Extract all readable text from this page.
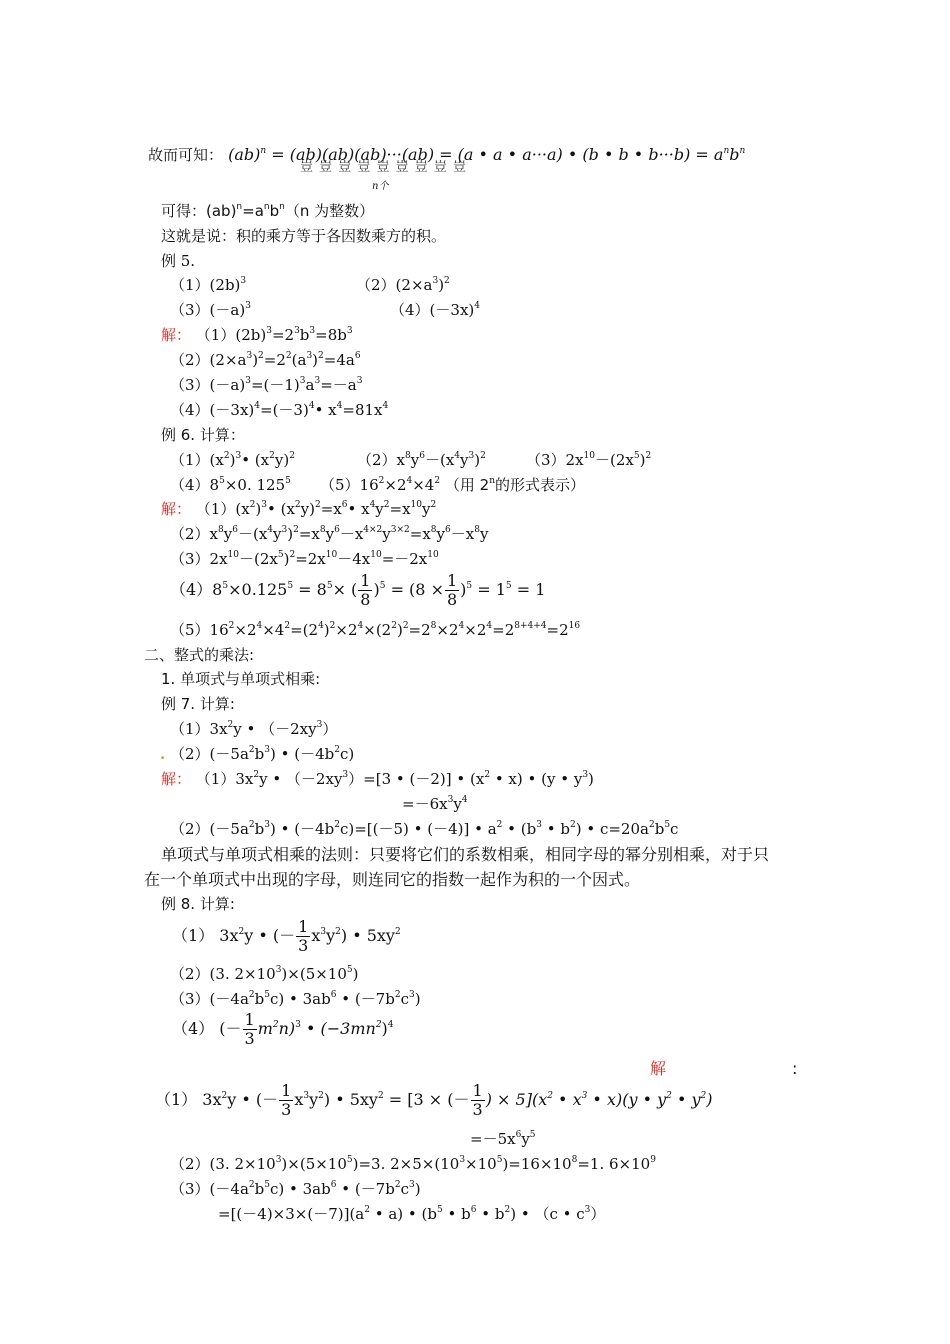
故而可知： (ab)$^n$ = (ab)(ab)(ab)···(ab) = (a • a • a···a) • (b • b • $b\cdot\cdot\cdot b) = a^nb^n$
豈 豈 豈 豈 豈 豈 豈 豈 豈
n个
可得：$(ab)^n=a^nb^n(n$ 为整数）
这就是说：积的乘方等于各因数乘方的积。
例 5.
$(1)(2b)^3$	$(2)(2\times a^3)^2$
$(3)(-a)^3$	$(4)(-3x)^4$
解： $(1)(2b)^3=2^3b^3=8b^3$
$(2)(2\times a^3)^2=2^2(a^3)^2=4a^6$
$(3)(-a)^3=(-1)^3a^3=-a^3$
$(4)(-3x)^4=(-3)^4•$ $x^4=81x^4$
例 6. 计算：
$(1)(x^2)^3•$ $(x^2y)^2$	$(2)x^8y^6-(x^4y^3)^2$	$(3)2x^{10}-(2x^5)^2$
$(4)8^5\times 0$. $125^5$ $(5)16^2\times 2^4\times 4^2$ （用 2$^n$的形式表示）
解： $(1)(x^2)^3•$ $(x^2y)^2=x^6•$ $x^4y^2=x^{10}y^2$
$(2)x^8y^6-(x^4y^3)^2=x^8y^6-x^{4\times 2}y^{3\times 2}=x^8y^6-x^8y$
$(3)2x^{10}-(2x^5)^2=2x^{10}-4x^{10}=-2x^{10}$
$(4)8^5\times 0.125^5 = 8^5\times$ ( $\frac{1}{8} )^5 = (8 \times \frac{1}{8} )^5 = 1^5 = 1$
$(5)16^2\times 2^4\times 4^2=(2^4)^2\times 2^4\times(2^2)^2=2^8\times 2^4\times 2^4=2^{8+4+4}=2^{16}$
二、整式的乘法:
1. 单项式与单项式相乘:
例 7. 计算:
$(1)3x^2y$ • $(-2xy^3)$
. $(2)(-5a^2b^3)$ • $(-4b^2c)$
解： $(1)3x^2y$ • $(-2xy^3)=[3$ • (－2)] • ($x^2$ • x) • (y • $y^3$)
$=-6x^3y^4$
$(2)(-5a^2b^3)$ • $(-4b^2c)=[(-5)$ • (－4)] • $a^2$ • ($b^3$ • $b^2$) • $c=20a^2b^5c$
单项式与单项式相乘的法则：只要将它们的系数相乘，相同字母的幂分别相乘，对于只
在一个单项式中出现的字母，则连同它的指数一起作为积的一个因式。
例 8. 计算:
（1） $3x^2y$ • (－ $\frac{1}{3} x^3y^2$) • $5xy^2$
（2）(3. $2\times 10^3)\times(5\times 10^5)$
$(3)(-4a^2b^5c)$ • $3ab^6$ • $(-7b^2c^3)$
（4） (－ $\frac{1}{3} m^2n)^3$ • $(-3mn^2)^4$
解	:
（1） $3x^2y$ • (－ $\frac{1}{3} x^3y^2$) • $5xy^2 = [3$ × (－ $\frac{1}{3}$ ) × $5](x^2$ • $x^3$ • x)(y • $y^2$ • $y^2$)
$=-5x^6y^5$
（2）(3. $2\times 10^3)\times(5\times 10^5)=3$. $2\times 5\times(10^3\times 10^5)=16\times 10^8=1$. $6\times 10^9$
$(3)(-4a^2b^5c)$ • $3ab^6$ • $(-7b^2c^3)$
$=[(-4)\times 3\times(-7)](a^2$ • a) • ($b^5$ • $b^6$ • $b^2$) • （c • $c^3$）
